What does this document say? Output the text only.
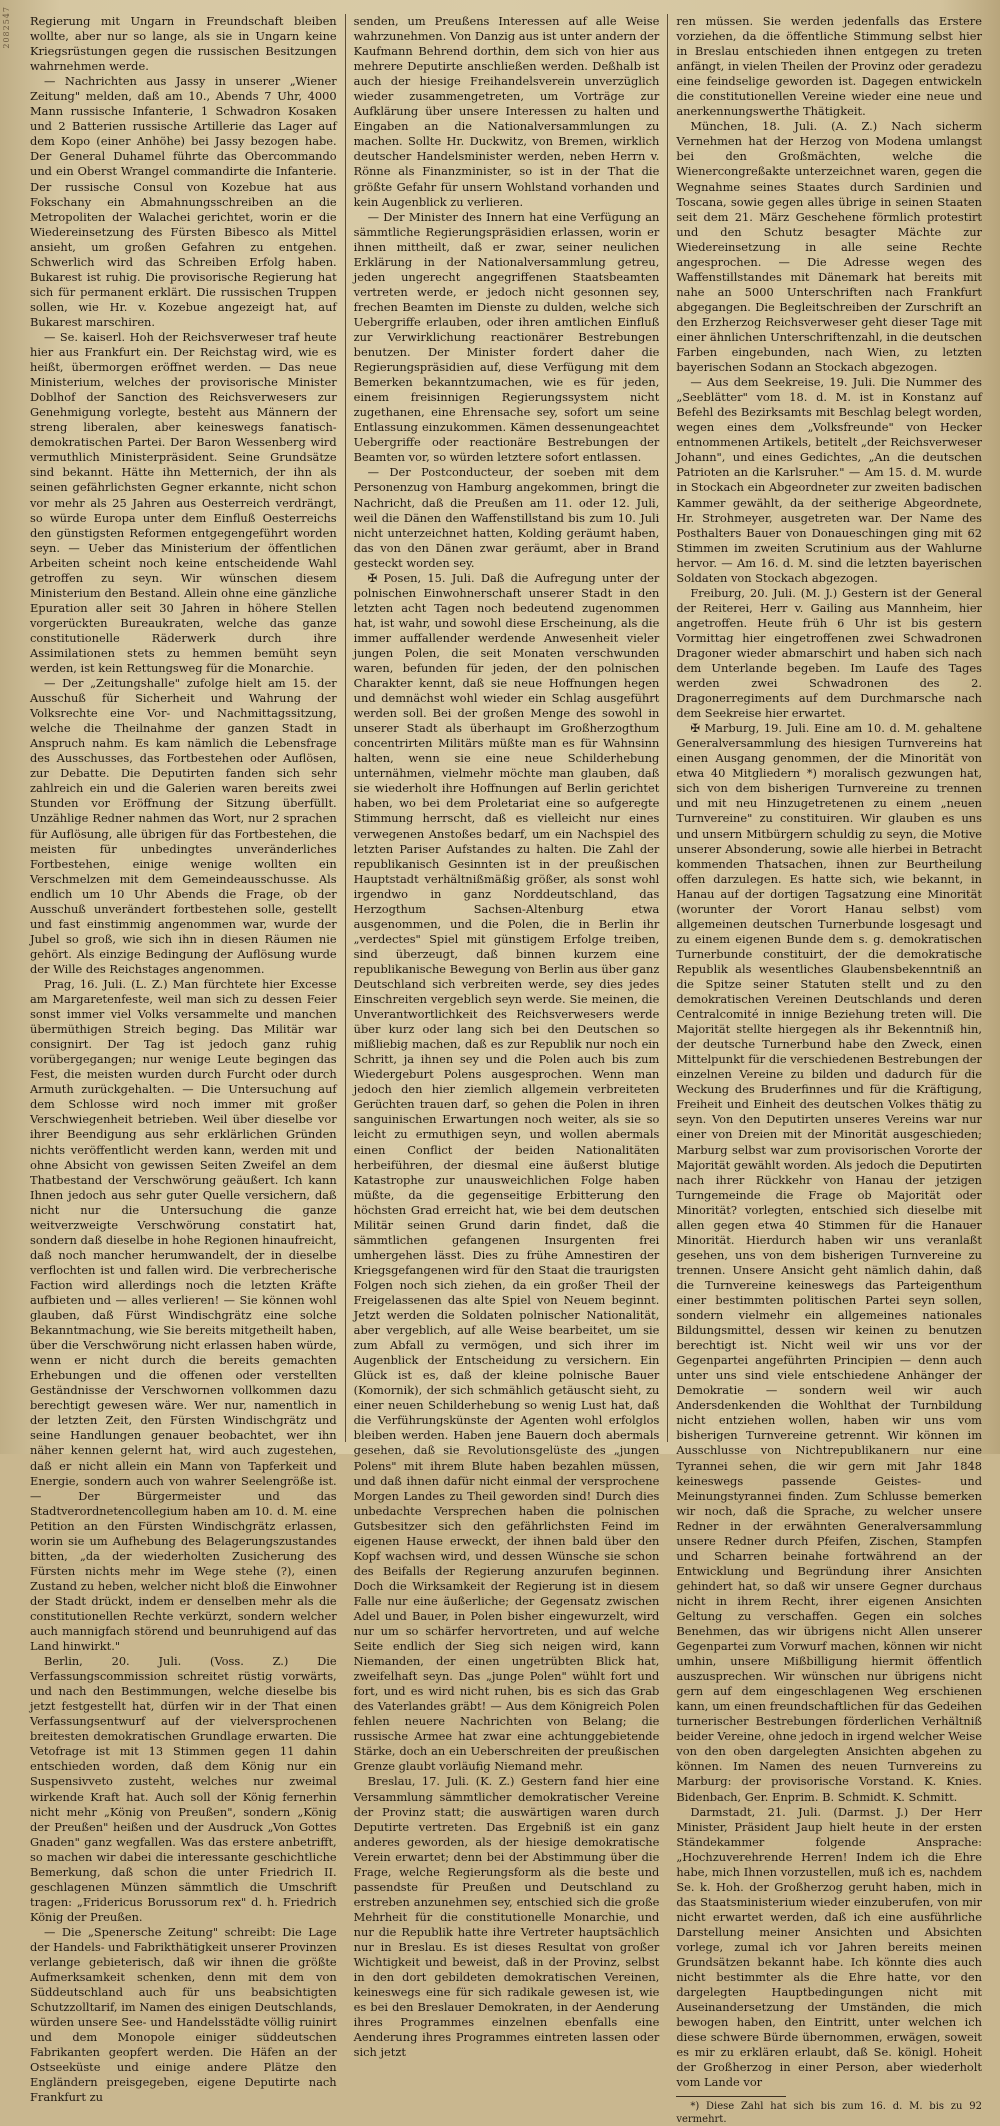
2082547 Regierung mit Ungarn in Freundschaft bleiben wollte, aber nur so lange, als sie in Ungarn keine Kriegsrüstungen gegen die russischen Besitzungen wahrnehmen werde.

— Nachrichten aus Jassy in unserer „Wiener Zeitung" melden, daß am 10., Abends 7 Uhr, 4000 Mann russische Infanterie, 1 Schwadron Kosaken und 2 Batterien russische Artillerie das Lager auf dem Kopo (einer Anhöhe) bei Jassy bezogen habe. Der General Duhamel führte das Obercommando und ein Oberst Wrangel commandirte die Infanterie. Der russische Consul von Kozebue hat aus Fokschany ein Abmahnungsschreiben an die Metropoliten der Walachei gerichtet, worin er die Wiedereinsetzung des Fürsten Bibesco als Mittel ansieht, um großen Gefahren zu entgehen. Schwerlich wird das Schreiben Erfolg haben. Bukarest ist ruhig. Die provisorische Regierung hat sich für permanent erklärt. Die russischen Truppen sollen, wie Hr. v. Kozebue angezeigt hat, auf Bukarest marschiren.

— Se. kaiserl. Hoh der Reichsverweser traf heute hier aus Frankfurt ein. Der Reichstag wird, wie es heißt, übermorgen eröffnet werden. — Das neue Ministerium, welches der provisorische Minister Doblhof der Sanction des Reichsverwesers zur Genehmigung vorlegte, besteht aus Männern der streng liberalen, aber keineswegs fanatisch-demokratischen Partei. Der Baron Wessenberg wird vermuthlich Ministerpräsident. Seine Grundsätze sind bekannt. Hätte ihn Metternich, der ihn als seinen gefährlichsten Gegner erkannte, nicht schon vor mehr als 25 Jahren aus Oesterreich verdrängt, so würde Europa unter dem Einfluß Oesterreichs den günstigsten Reformen entgegengeführt worden seyn. — Ueber das Ministerium der öffentlichen Arbeiten scheint noch keine entscheidende Wahl getroffen zu seyn. Wir wünschen diesem Ministerium den Bestand. Allein ohne eine gänzliche Epuration aller seit 30 Jahren in höhere Stellen vorgerückten Bureaukraten, welche das ganze constitutionelle Räderwerk durch ihre Assimilationen stets zu hemmen bemüht seyn werden, ist kein Rettungsweg für die Monarchie.

— Der „Zeitungshalle" zufolge hielt am 15. der Ausschuß für Sicherheit und Wahrung der Volksrechte eine Vor- und Nachmittagssitzung, welche die Theilnahme der ganzen Stadt in Anspruch nahm. Es kam nämlich die Lebensfrage des Ausschusses, das Fortbestehen oder Auflösen, zur Debatte. Die Deputirten fanden sich sehr zahlreich ein und die Galerien waren bereits zwei Stunden vor Eröffnung der Sitzung überfüllt. Unzählige Redner nahmen das Wort, nur 2 sprachen für Auflösung, alle übrigen für das Fortbestehen, die meisten für unbedingtes unveränderliches Fortbestehen, einige wenige wollten ein Verschmelzen mit dem Gemeindeausschusse. Als endlich um 10 Uhr Abends die Frage, ob der Ausschuß unverändert fortbestehen solle, gestellt und fast einstimmig angenommen war, wurde der Jubel so groß, wie sich ihn in diesen Räumen nie gehört. Als einzige Bedingung der Auflösung wurde der Wille des Reichstages angenommen.

Prag, 16. Juli. (L. Z.) Man fürchtete hier Excesse am Margaretenfeste, weil man sich zu dessen Feier sonst immer viel Volks versammelte und manchen übermüthigen Streich beging. Das Militär war consignirt. Der Tag ist jedoch ganz ruhig vorübergegangen; nur wenige Leute begingen das Fest, die meisten wurden durch Furcht oder durch Armuth zurückgehalten. — Die Untersuchung auf dem Schlosse wird noch immer mit großer Verschwiegenheit betrieben. Weil über dieselbe vor ihrer Beendigung aus sehr erklärlichen Gründen nichts veröffentlicht werden kann, werden mit und ohne Absicht von gewissen Seiten Zweifel an dem Thatbestand der Verschwörung geäußert. Ich kann Ihnen jedoch aus sehr guter Quelle versichern, daß nicht nur die Untersuchung die ganze weitverzweigte Verschwörung constatirt hat, sondern daß dieselbe in hohe Regionen hinaufreicht, daß noch mancher herumwandelt, der in dieselbe verflochten ist und fallen wird. Die verbrecherische Faction wird allerdings noch die letzten Kräfte aufbieten und — alles verlieren! — Sie können wohl glauben, daß Fürst Windischgrätz eine solche Bekanntmachung, wie Sie bereits mitgetheilt haben, über die Verschwörung nicht erlassen haben würde, wenn er nicht durch die bereits gemachten Erhebungen und die offenen oder verstellten Geständnisse der Verschwornen vollkommen dazu berechtigt gewesen wäre. Wer nur, namentlich in der letzten Zeit, den Fürsten Windischgrätz und seine Handlungen genauer beobachtet, wer ihn näher kennen gelernt hat, wird auch zugestehen, daß er nicht allein ein Mann von Tapferkeit und Energie, sondern auch von wahrer Seelengröße ist. — Der Bürgermeister und das Stadtverordnetencollegium haben am 10. d. M. eine Petition an den Fürsten Windischgrätz erlassen, worin sie um Aufhebung des Belagerungszustandes bitten, „da der wiederholten Zusicherung des Fürsten nichts mehr im Wege stehe (?), einen Zustand zu heben, welcher nicht bloß die Einwohner der Stadt drückt, indem er denselben mehr als die constitutionellen Rechte verkürzt, sondern welcher auch mannigfach störend und beunruhigend auf das Land hinwirkt."

Berlin, 20. Juli. (Voss. Z.) Die Verfassungscommission schreitet rüstig vorwärts, und nach den Bestimmungen, welche dieselbe bis jetzt festgestellt hat, dürfen wir in der That einen Verfassungsentwurf auf der vielversprochenen breitesten demokratischen Grundlage erwarten. Die Vetofrage ist mit 13 Stimmen gegen 11 dahin entschieden worden, daß dem König nur ein Suspensivveto zusteht, welches nur zweimal wirkende Kraft hat. Auch soll der König fernerhin nicht mehr „König von Preußen", sondern „König der Preußen" heißen und der Ausdruck „Von Gottes Gnaden" ganz wegfallen. Was das erstere anbetrifft, so machen wir dabei die interessante geschichtliche Bemerkung, daß schon die unter Friedrich II. geschlagenen Münzen sämmtlich die Umschrift tragen: „Fridericus Borussorum rex" d. h. Friedrich König der Preußen.

— Die „Spenersche Zeitung" schreibt: Die Lage der Handels- und Fabrikthätigkeit unserer Provinzen verlange gebieterisch, daß wir ihnen die größte Aufmerksamkeit schenken, denn mit dem von Süddeutschland auch für uns beabsichtigten Schutzzolltarif, im Namen des einigen Deutschlands, würden unsere See- und Handelsstädte völlig ruinirt und dem Monopole einiger süddeutschen Fabrikanten geopfert werden. Die Häfen an der Ostseeküste und einige andere Plätze den Engländern preisgegeben, eigene Deputirte nach Frankfurt zu

senden, um Preußens Interessen auf alle Weise wahrzunehmen. Von Danzig aus ist unter andern der Kaufmann Behrend dorthin, dem sich von hier aus mehrere Deputirte anschließen werden. Deßhalb ist auch der hiesige Freihandelsverein unverzüglich wieder zusammengetreten, um Vorträge zur Aufklärung über unsere Interessen zu halten und Eingaben an die Nationalversammlungen zu machen. Sollte Hr. Duckwitz, von Bremen, wirklich deutscher Handelsminister werden, neben Herrn v. Rönne als Finanzminister, so ist in der That die größte Gefahr für unsern Wohlstand vorhanden und kein Augenblick zu verlieren.

— Der Minister des Innern hat eine Verfügung an sämmtliche Regierungspräsidien erlassen, worin er ihnen mittheilt, daß er zwar, seiner neulichen Erklärung in der Nationalversammlung getreu, jeden ungerecht angegriffenen Staatsbeamten vertreten werde, er jedoch nicht gesonnen sey, frechen Beamten im Dienste zu dulden, welche sich Uebergriffe erlauben, oder ihren amtlichen Einfluß zur Verwirklichung reactionärer Bestrebungen benutzen. Der Minister fordert daher die Regierungspräsidien auf, diese Verfügung mit dem Bemerken bekanntzumachen, wie es für jeden, einem freisinnigen Regierungssystem nicht zugethanen, eine Ehrensache sey, sofort um seine Entlassung einzukommen. Kämen dessenungeachtet Uebergriffe oder reactionäre Bestrebungen der Beamten vor, so würden letztere sofort entlassen.

— Der Postconducteur, der soeben mit dem Personenzug von Hamburg angekommen, bringt die Nachricht, daß die Preußen am 11. oder 12. Juli, weil die Dänen den Waffenstillstand bis zum 10. Juli nicht unterzeichnet hatten, Kolding geräumt haben, das von den Dänen zwar geräumt, aber in Brand gesteckt worden sey.

✠ Posen, 15. Juli. Daß die Aufregung unter der polnischen Einwohnerschaft unserer Stadt in den letzten acht Tagen noch bedeutend zugenommen hat, ist wahr, und sowohl diese Erscheinung, als die immer auffallender werdende Anwesenheit vieler jungen Polen, die seit Monaten verschwunden waren, befunden für jeden, der den polnischen Charakter kennt, daß sie neue Hoffnungen hegen und demnächst wohl wieder ein Schlag ausgeführt werden soll. Bei der großen Menge des sowohl in unserer Stadt als überhaupt im Großherzogthum concentrirten Militärs müßte man es für Wahnsinn halten, wenn sie eine neue Schilderhebung unternähmen, vielmehr möchte man glauben, daß sie wiederholt ihre Hoffnungen auf Berlin gerichtet haben, wo bei dem Proletariat eine so aufgeregte Stimmung herrscht, daß es vielleicht nur eines verwegenen Anstoßes bedarf, um ein Nachspiel des letzten Pariser Aufstandes zu halten. Die Zahl der republikanisch Gesinnten ist in der preußischen Hauptstadt verhältnißmäßig größer, als sonst wohl irgendwo in ganz Norddeutschland, das Herzogthum Sachsen-Altenburg etwa ausgenommen, und die Polen, die in Berlin ihr „verdectes" Spiel mit günstigem Erfolge treiben, sind überzeugt, daß binnen kurzem eine republikanische Bewegung von Berlin aus über ganz Deutschland sich verbreiten werde, sey dies jedes Einschreiten vergeblich seyn werde. Sie meinen, die Unverantwortlichkeit des Reichsverwesers werde über kurz oder lang sich bei den Deutschen so mißliebig machen, daß es zur Republik nur noch ein Schritt, ja ihnen sey und die Polen auch bis zum Wiedergeburt Polens ausgesprochen. Wenn man jedoch den hier ziemlich allgemein verbreiteten Gerüchten trauen darf, so gehen die Polen in ihren sanguinischen Erwartungen noch weiter, als sie so leicht zu ermuthigen seyn, und wollen abermals einen Conflict der beiden Nationalitäten herbeiführen, der diesmal eine äußerst blutige Katastrophe zur unausweichlichen Folge haben müßte, da die gegenseitige Erbitterung den höchsten Grad erreicht hat, wie bei dem deutschen Militär seinen Grund darin findet, daß die sämmtlichen gefangenen Insurgenten frei umhergehen lässt. Dies zu frühe Amnestiren der Kriegsgefangenen wird für den Staat die traurigsten Folgen noch sich ziehen, da ein großer Theil der Freigelassenen das alte Spiel von Neuem beginnt. Jetzt werden die Soldaten polnischer Nationalität, aber vergeblich, auf alle Weise bearbeitet, um sie zum Abfall zu vermögen, und sich ihrer im Augenblick der Entscheidung zu versichern. Ein Glück ist es, daß der kleine polnische Bauer (Komornik), der sich schmählich getäuscht sieht, zu einer neuen Schilderhebung so wenig Lust hat, daß die Verführungskünste der Agenten wohl erfolglos bleiben werden. Haben jene Bauern doch abermals gesehen, daß sie Revolutionsgelüste des „jungen Polens" mit ihrem Blute haben bezahlen müssen, und daß ihnen dafür nicht einmal der versprochene Morgen Landes zu Theil geworden sind! Durch dies unbedachte Versprechen haben die polnischen Gutsbesitzer sich den gefährlichsten Feind im eigenen Hause erweckt, der ihnen bald über den Kopf wachsen wird, und dessen Wünsche sie schon des Beifalls der Regierung anzurufen beginnen. Doch die Wirksamkeit der Regierung ist in diesem Falle nur eine äußerliche; der Gegensatz zwischen Adel und Bauer, in Polen bisher eingewurzelt, wird nur um so schärfer hervortreten, und auf welche Seite endlich der Sieg sich neigen wird, kann Niemanden, der einen ungetrübten Blick hat, zweifelhaft seyn. Das „junge Polen" wühlt fort und fort, und es wird nicht ruhen, bis es sich das Grab des Vaterlandes gräbt! — Aus dem Königreich Polen fehlen neuere Nachrichten von Belang; die russische Armee hat zwar eine achtunggebietende Stärke, doch an ein Ueberschreiten der preußischen Grenze glaubt vorläufig Niemand mehr.

Breslau, 17. Juli. (K. Z.) Gestern fand hier eine Versammlung sämmtlicher demokratischer Vereine der Provinz statt; die auswärtigen waren durch Deputirte vertreten. Das Ergebniß ist ein ganz anderes geworden, als der hiesige demokratische Verein erwartet; denn bei der Abstimmung über die Frage, welche Regierungsform als die beste und passendste für Preußen und Deutschland zu erstreben anzunehmen sey, entschied sich die große Mehrheit für die constitutionelle Monarchie, und nur die Republik hatte ihre Vertreter hauptsächlich nur in Breslau. Es ist dieses Resultat von großer Wichtigkeit und beweist, daß in der Provinz, selbst in den dort gebildeten demokratischen Vereinen, keineswegs eine für sich radikale gewesen ist, wie es bei den Breslauer Demokraten, in der Aenderung ihres Programmes einzelnen ebenfalls eine Aenderung ihres Programmes eintreten lassen oder sich jetzt

ren müssen. Sie werden jedenfalls das Erstere vorziehen, da die öffentliche Stimmung selbst hier in Breslau entschieden ihnen entgegen zu treten anfängt, in vielen Theilen der Provinz oder geradezu eine feindselige geworden ist. Dagegen entwickeln die constitutionellen Vereine wieder eine neue und anerkennungswerthe Thätigkeit.

München, 18. Juli. (A. Z.) Nach sicherm Vernehmen hat der Herzog von Modena umlangst bei den Großmächten, welche die Wienercongreßakte unterzeichnet waren, gegen die Wegnahme seines Staates durch Sardinien und Toscana, sowie gegen alles übrige in seinen Staaten seit dem 21. März Geschehene förmlich protestirt und den Schutz besagter Mächte zur Wiedereinsetzung in alle seine Rechte angesprochen. — Die Adresse wegen des Waffenstillstandes mit Dänemark hat bereits mit nahe an 5000 Unterschriften nach Frankfurt abgegangen. Die Begleitschreiben der Zurschrift an den Erzherzog Reichsverweser geht dieser Tage mit einer ähnlichen Unterschriftenzahl, in die deutschen Farben eingebunden, nach Wien, zu letzten bayerischen Sodann an Stockach abgezogen.

— Aus dem Seekreise, 19. Juli. Die Nummer des „Seeblätter" vom 18. d. M. ist in Konstanz auf Befehl des Bezirksamts mit Beschlag belegt worden, wegen eines dem „Volksfreunde" von Hecker entnommenen Artikels, betitelt „der Reichsverweser Johann", und eines Gedichtes, „An die deutschen Patrioten an die Karlsruher." — Am 15. d. M. wurde in Stockach ein Abgeordneter zur zweiten badischen Kammer gewählt, da der seitherige Abgeordnete, Hr. Strohmeyer, ausgetreten war. Der Name des Posthalters Bauer von Donaueschingen ging mit 62 Stimmen im zweiten Scrutinium aus der Wahlurne hervor. — Am 16. d. M. sind die letzten bayerischen Soldaten von Stockach abgezogen.

Freiburg, 20. Juli. (M. J.) Gestern ist der General der Reiterei, Herr v. Gailing aus Mannheim, hier angetroffen. Heute früh 6 Uhr ist bis gestern Vormittag hier eingetroffenen zwei Schwadronen Dragoner wieder abmarschirt und haben sich nach dem Unterlande begeben. Im Laufe des Tages werden zwei Schwadronen des 2. Dragonerregiments auf dem Durchmarsche nach dem Seekreise hier erwartet.

✠ Marburg, 19. Juli. Eine am 10. d. M. gehaltene Generalversammlung des hiesigen Turnvereins hat einen Ausgang genommen, der die Minorität von etwa 40 Mitgliedern *) moralisch gezwungen hat, sich von dem bisherigen Turnvereine zu trennen und mit neu Hinzugetretenen zu einem „neuen Turnvereine" zu constituiren. Wir glauben es uns und unsern Mitbürgern schuldig zu seyn, die Motive unserer Absonderung, sowie alle hierbei in Betracht kommenden Thatsachen, ihnen zur Beurtheilung offen darzulegen. Es hatte sich, wie bekannt, in Hanau auf der dortigen Tagsatzung eine Minorität (worunter der Vorort Hanau selbst) vom allgemeinen deutschen Turnerbunde losgesagt und zu einem eigenen Bunde dem s. g. demokratischen Turnerbunde constituirt, der die demokratische Republik als wesentliches Glaubensbekenntniß an die Spitze seiner Statuten stellt und zu den demokratischen Vereinen Deutschlands und deren Centralcomité in innige Beziehung treten will. Die Majorität stellte hiergegen als ihr Bekenntniß hin, der deutsche Turnerbund habe den Zweck, einen Mittelpunkt für die verschiedenen Bestrebungen der einzelnen Vereine zu bilden und dadurch für die Weckung des Bruderfinnes und für die Kräftigung, Freiheit und Einheit des deutschen Volkes thätig zu seyn. Von den Deputirten unseres Vereins war nur einer von Dreien mit der Minorität ausgeschieden; Marburg selbst war zum provisorischen Vororte der Majorität gewählt worden. Als jedoch die Deputirten nach ihrer Rückkehr von Hanau der jetzigen Turngemeinde die Frage ob Majorität oder Minorität? vorlegten, entschied sich dieselbe mit allen gegen etwa 40 Stimmen für die Hanauer Minorität. Hierdurch haben wir uns veranlaßt gesehen, uns von dem bisherigen Turnvereine zu trennen. Unsere Ansicht geht nämlich dahin, daß die Turnvereine keineswegs das Parteigenthum einer bestimmten politischen Partei seyn sollen, sondern vielmehr ein allgemeines nationales Bildungsmittel, dessen wir keinen zu benutzen berechtigt ist. Nicht weil wir uns vor der Gegenpartei angeführten Principien — denn auch unter uns sind viele entschiedene Anhänger der Demokratie — sondern weil wir auch Andersdenkenden die Wohlthat der Turnbildung nicht entziehen wollen, haben wir uns vom bisherigen Turnvereine getrennt. Wir können im Ausschlusse von Nichtrepublikanern nur eine Tyrannei sehen, die wir gern mit Jahr 1848 keineswegs passende Geistes- und Meinungstyrannei finden. Zum Schlusse bemerken wir noch, daß die Sprache, zu welcher unsere Redner in der erwähnten Generalversammlung unsere Redner durch Pfeifen, Zischen, Stampfen und Scharren beinahe fortwährend an der Entwicklung und Begründung ihrer Ansichten gehindert hat, so daß wir unsere Gegner durchaus nicht in ihrem Recht, ihrer eigenen Ansichten Geltung zu verschaffen. Gegen ein solches Benehmen, das wir übrigens nicht Allen unserer Gegenpartei zum Vorwurf machen, können wir nicht umhin, unsere Mißbilligung hiermit öffentlich auszusprechen. Wir wünschen nur übrigens nicht gern auf dem eingeschlagenen Weg erschienen kann, um einen freundschaftlichen für das Gedeihen turnerischer Bestrebungen förderlichen Verhältniß beider Vereine, ohne jedoch in irgend welcher Weise von den oben dargelegten Ansichten abgehen zu können. Im Namen des neuen Turnvereins zu Marburg: der provisorische Vorstand. K. Knies. Bidenbach, Ger. Enprim. B. Schmidt. K. Schmitt.

Darmstadt, 21. Juli. (Darmst. J.) Der Herr Minister, Präsident Jaup hielt heute in der ersten Ständekammer folgende Ansprache: „Hochzuverehrende Herren! Indem ich die Ehre habe, mich Ihnen vorzustellen, muß ich es, nachdem Se. k. Hoh. der Großherzog geruht haben, mich in das Staatsministerium wieder einzuberufen, von mir nicht erwartet werden, daß ich eine ausführliche Darstellung meiner Ansichten und Absichten vorlege, zumal ich vor Jahren bereits meinen Grundsätzen bekannt habe. Ich könnte dies auch nicht bestimmter als die Ehre hatte, vor den dargelegten Hauptbedingungen nicht mit Auseinandersetzung der Umständen, die mich bewogen haben, den Eintritt, unter welchen ich diese schwere Bürde übernommen, erwägen, soweit es mir zu erklären erlaubt, daß Se. königl. Hoheit der Großherzog in einer Person, aber wiederholt vom Lande vor

*) Diese Zahl hat sich bis zum 16. d. M. bis zu 92 vermehrt.
